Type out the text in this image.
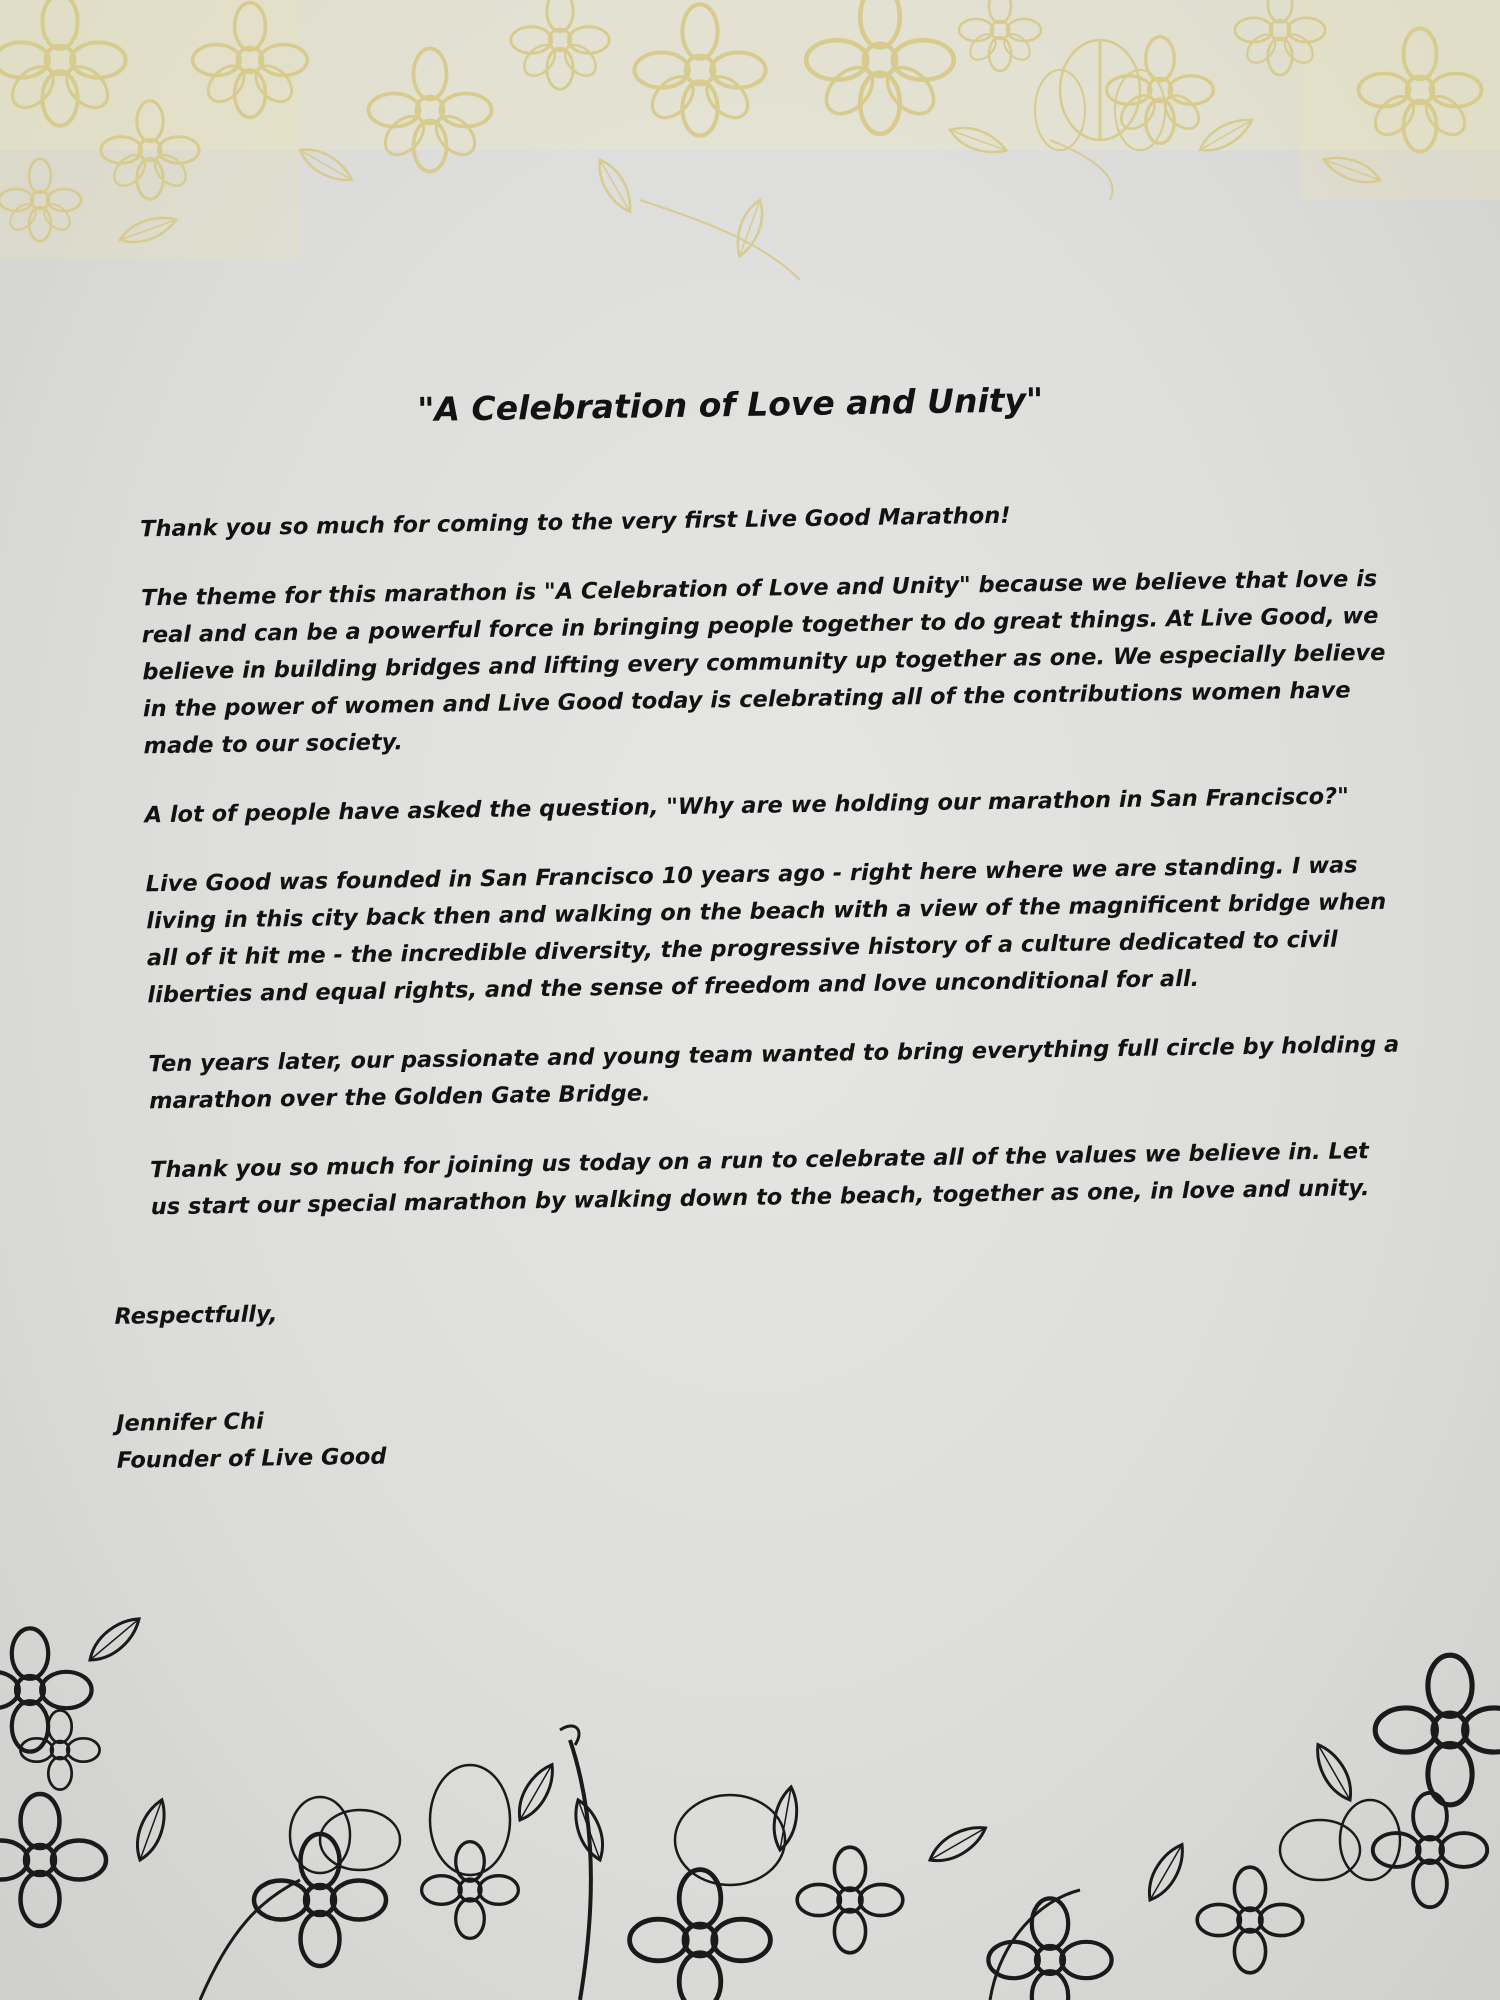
"A Celebration of Love and Unity"

Thank you so much for coming to the very first Live Good Marathon!

The theme for this marathon is "A Celebration of Love and Unity" because we believe that love is real and can be a powerful force in bringing people together to do great things. At Live Good, we believe in building bridges and lifting every community up together as one. We especially believe in the power of women and Live Good today is celebrating all of the contributions women have made to our society.

A lot of people have asked the question, "Why are we holding our marathon in San Francisco?"

Live Good was founded in San Francisco 10 years ago - right here where we are standing. I was living in this city back then and walking on the beach with a view of the magnificent bridge when all of it hit me - the incredible diversity, the progressive history of a culture dedicated to civil liberties and equal rights, and the sense of freedom and love unconditional for all.

Ten years later, our passionate and young team wanted to bring everything full circle by holding a marathon over the Golden Gate Bridge.

Thank you so much for joining us today on a run to celebrate all of the values we believe in. Let us start our special marathon by walking down to the beach, together as one, in love and unity.

Respectfully,
Jennifer Chi
Founder of Live Good
